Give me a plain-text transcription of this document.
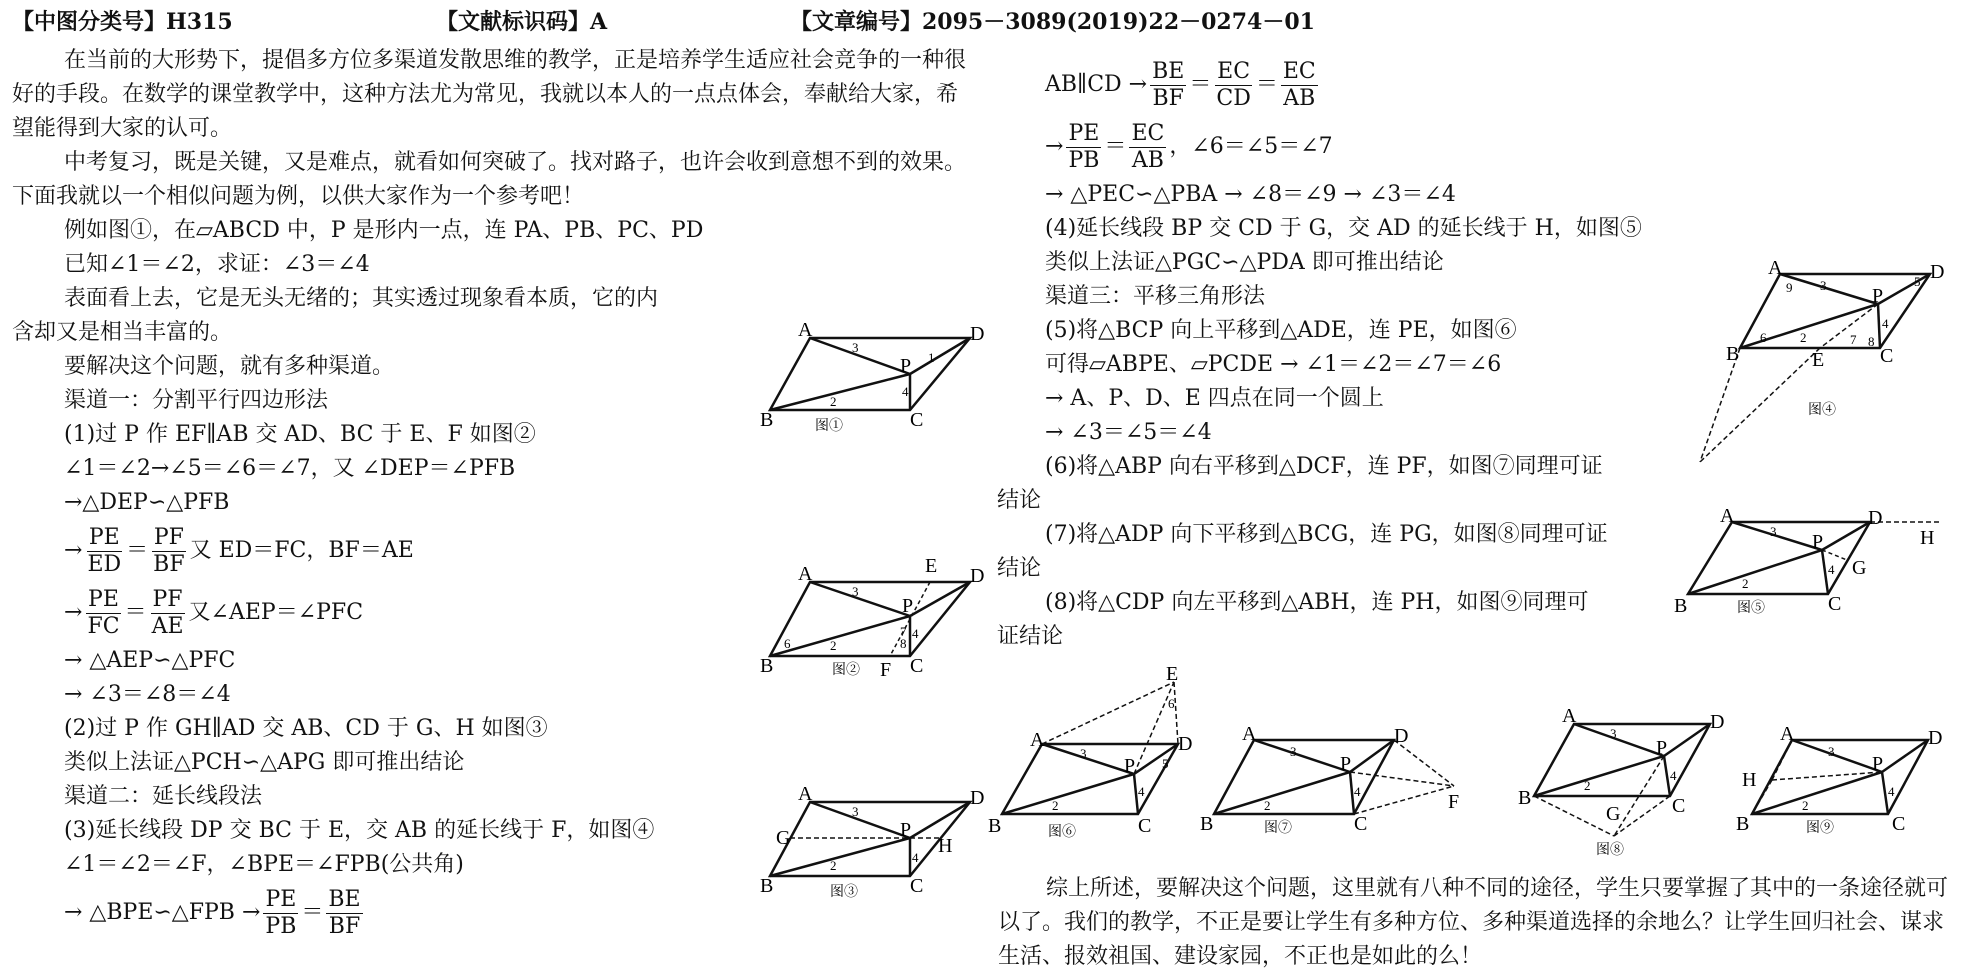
【中图分类号】H315	【文献标识码】A	【文章编号】2095－3089(2019)22－0274－01

在当前的大形势下，提倡多方位多渠道发散思维的教学，正是培养学生适应社会竞争的一种很好的手段。在数学的课堂教学中，这种方法尤为常见，我就以本人的一点点体会，奉献给大家，希望能得到大家的认可。

中考复习，既是关键，又是难点，就看如何突破了。找对路子，也许会收到意想不到的效果。下面我就以一个相似问题为例，以供大家作为一个参考吧！

例如图①，在▱ABCD 中，P 是形内一点，连 PA、PB、PC、PD

已知∠1＝∠2，求证：∠3＝∠4

表面看上去，它是无头无绪的；其实透过现象看本质，它的内

含却又是相当丰富的。

要解决这个问题，就有多种渠道。

渠道一：分割平行四边形法

(1)过 P 作 EF∥AB 交 AD、BC 于 E、F 如图②

∠1＝∠2→∠5＝∠6＝∠7，又 ∠DEP＝∠PFB

→△DEP∽△PFB

→ $\frac{PE}{ED} = \frac{PF}{BF}$ 又 ED＝FC，BF＝AE
→ $\frac{PE}{FC} = \frac{PF}{AE}$ 又∠AEP＝∠PFC

→ △AEP∽△PFC

→ ∠3＝∠8＝∠4

(2)过 P 作 GH∥AD 交 AB、CD 于 G、H 如图③

类似上法证△PCH∽△APG 即可推出结论

渠道二：延长线段法

(3)延长线段 DP 交 BC 于 E，交 AB 的延长线于 F，如图④

∠1＝∠2＝∠F，∠BPE＝∠FPB(公共角)

→ △BPE∽△FPB → $\frac{PE}{PB} = \frac{BE}{BF}$
AB∥CD → $\frac{BE}{BF} = \frac{EC}{CD} = \frac{EC}{AB}$
→ $\frac{PE}{PB} = \frac{EC}{AB}$ ，∠6＝∠5＝∠7

→ △PEC∽△PBA → ∠8＝∠9 → ∠3＝∠4

(4)延长线段 BP 交 CD 于 G，交 AD 的延长线于 H，如图⑤

类似上法证△PGC∽△PDA 即可推出结论

渠道三：平移三角形法

(5)将△BCP 向上平移到△ADE，连 PE，如图⑥

可得▱ABPE、▱PCDE → ∠1＝∠2＝∠7＝∠6

→ A、P、D、E 四点在同一个圆上

→ ∠3＝∠5＝∠4

(6)将△ABP 向右平移到△DCF，连 PF，如图⑦同理可证

结论

(7)将△ADP 向下平移到△BCG，连 PG，如图⑧同理可证

结论

(8)将△CDP 向左平移到△ABH，连 PH，如图⑨同理可

证结论

综上所述，要解决这个问题，这里就有八种不同的途径，学生只要掌握了其中的一条途径就可以了。我们的教学，不正是要让学生有多种方位、多种渠道选择的余地么？让学生回归社会、谋求生活、报效祖国、建设家园，不正也是如此的么！

A	D
B	C
P
3
2
1
4
图①
A	D
E
B	C
F
P
3
2
6
4
7
8
图②
A	D
G	H
B	C
P
3
2
4
图③
A	D
B	C
E
P
3
9	5
6	2	7
4
8
图④
A	D
H
G
B	C
P
3
2
4
图⑤
A	D
E
B	C
P
3
2
4
6
5
图⑥
A	D
F
B	C
P
3
2
4
图⑦
A	D
B	C
G
P
3
2
4
图⑧
A	D
H
B	C
P
3
2
4
图⑨
